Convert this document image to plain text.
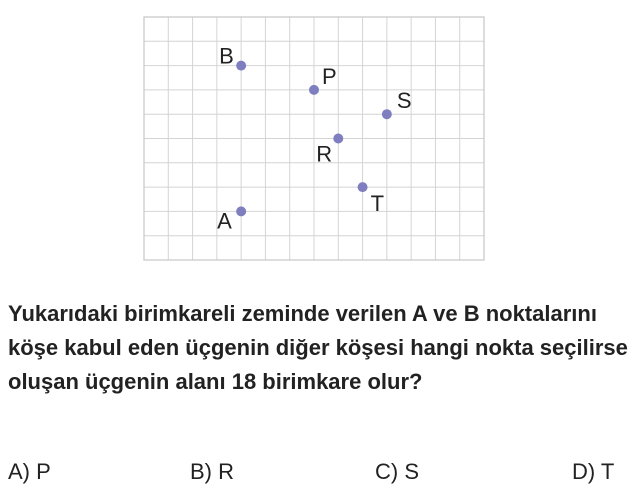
B
P
S
R
T
A

Yukarıdaki birimkareli zeminde verilen A ve B noktalarını köşe kabul eden üçgenin diğer köşesi hangi nokta seçilirse oluşan üçgenin alanı 18 birimkare olur?

A) P	B) R	C) S	D) T
